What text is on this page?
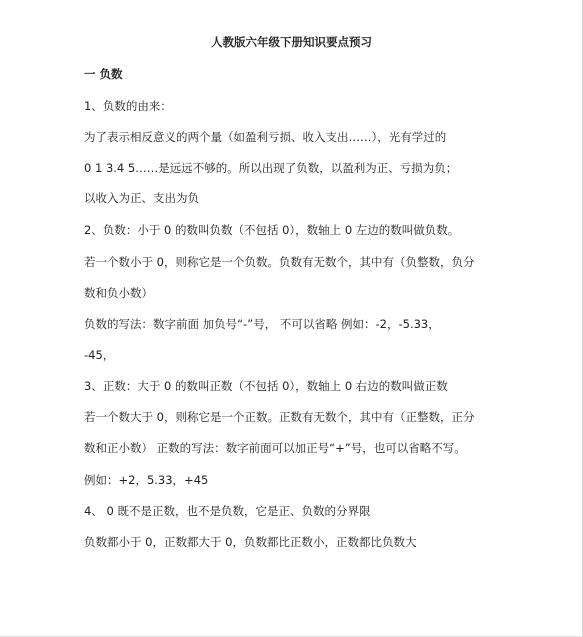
人教版六年级下册知识要点预习
一 负数
1、负数的由来：
为了表示相反意义的两个量（如盈利亏损、收入支出……），光有学过的
0 1 3.4 5……是远远不够的。所以出现了负数，以盈利为正、亏损为负；
以收入为正、支出为负
2、负数：小于 0 的数叫负数（不包括 0），数轴上 0 左边的数叫做负数。
若一个数小于 0，则称它是一个负数。负数有无数个，其中有（负整数，负分
数和负小数）
负数的写法：数字前面 加负号“-”号， 不可以省略 例如：-2，-5.33，
-45，
3、正数：大于 0 的数叫正数（不包括 0），数轴上 0 右边的数叫做正数
若一个数大于 0，则称它是一个正数。正数有无数个，其中有（正整数，正分
数和正小数） 正数的写法：数字前面可以加正号“+”号，也可以省略不写。
例如：+2，5.33，+45
4、 0 既不是正数，也不是负数，它是正、负数的分界限
负数都小于 0，正数都大于 0，负数都比正数小，正数都比负数大
